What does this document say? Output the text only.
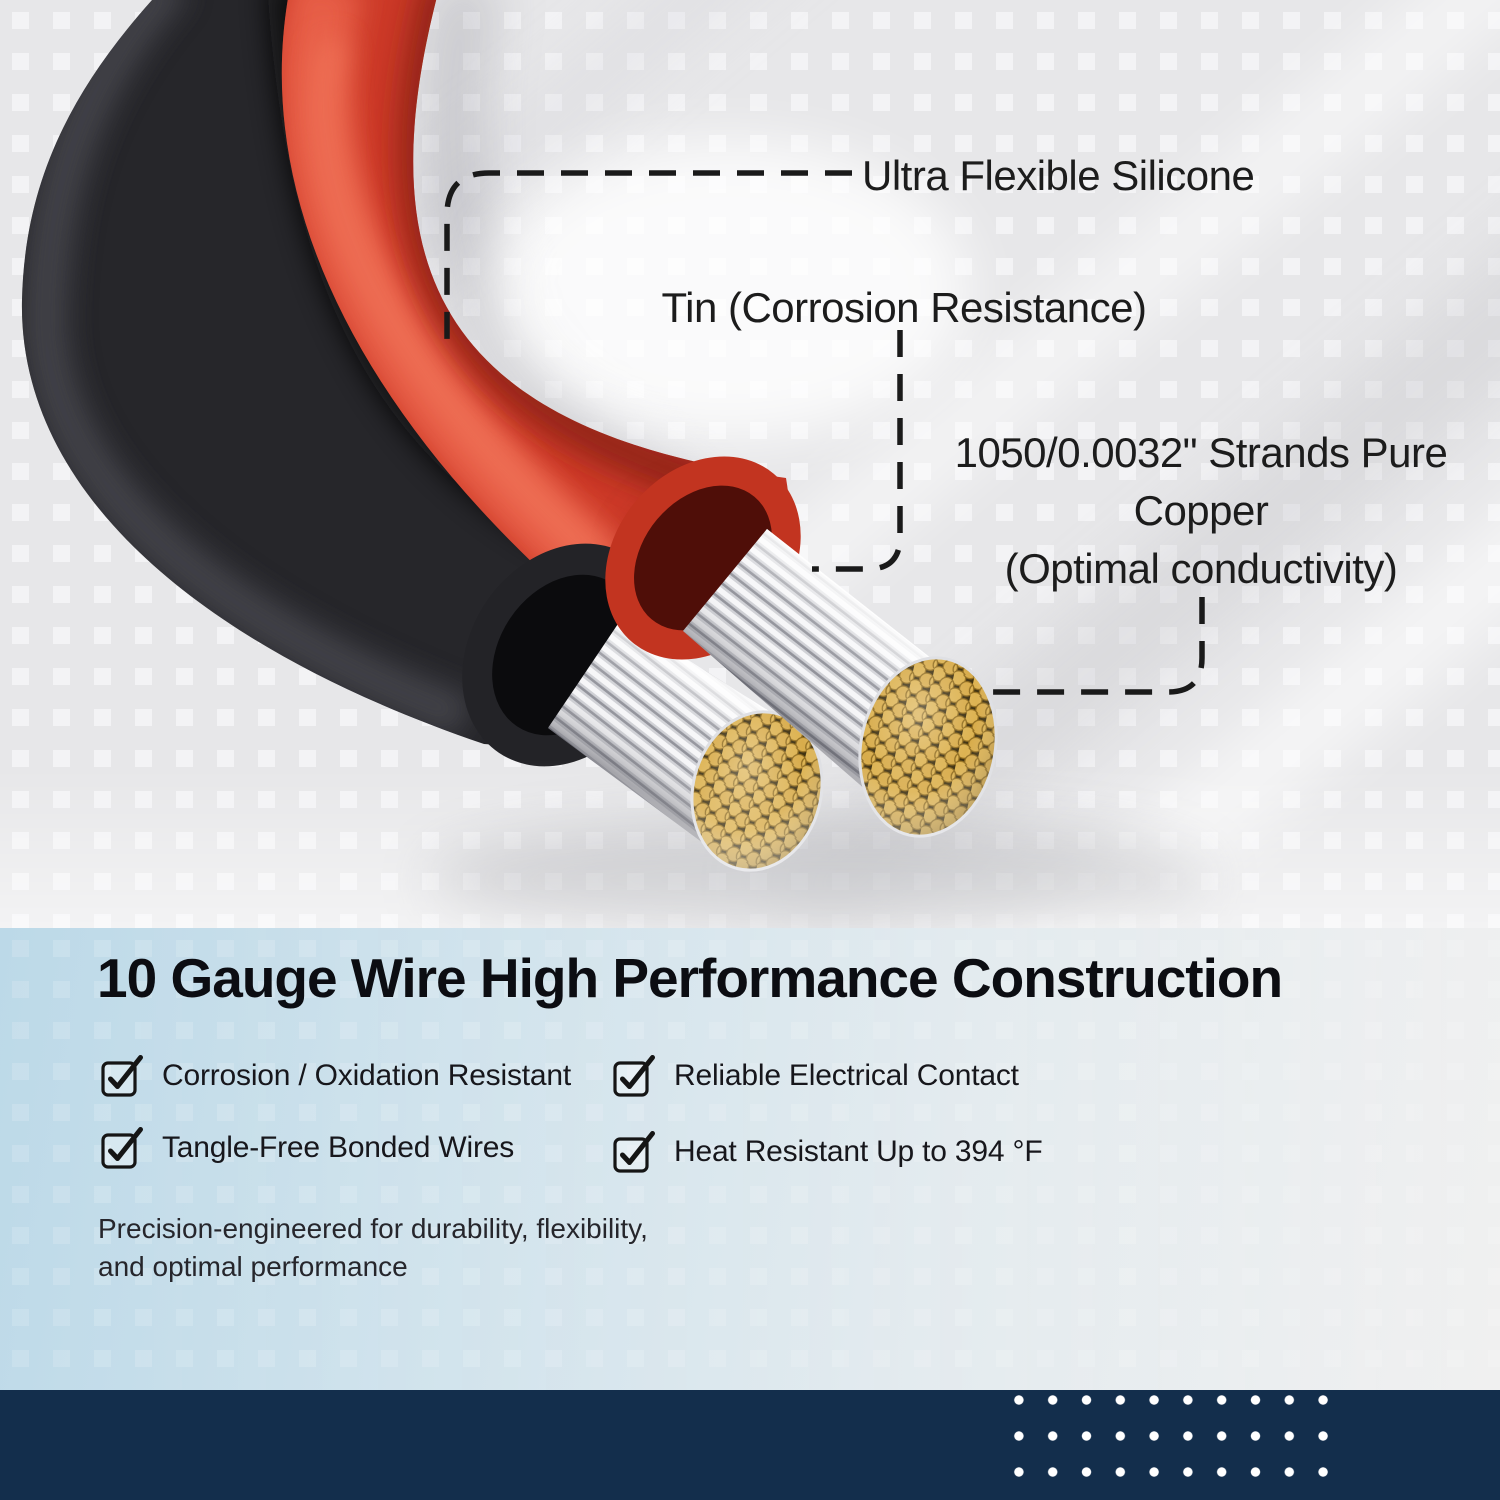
Ultra Flexible Silicone
Tin (Corrosion Resistance)
1050/0.0032" Strands Pure
Copper
(Optimal conductivity)
10 Gauge Wire High Performance Construction
Corrosion / Oxidation Resistant	Reliable Electrical Contact
Tangle-Free Bonded Wires	Heat Resistant Up to 394 °F

Precision-engineered for durability, flexibility,
and optimal performance
